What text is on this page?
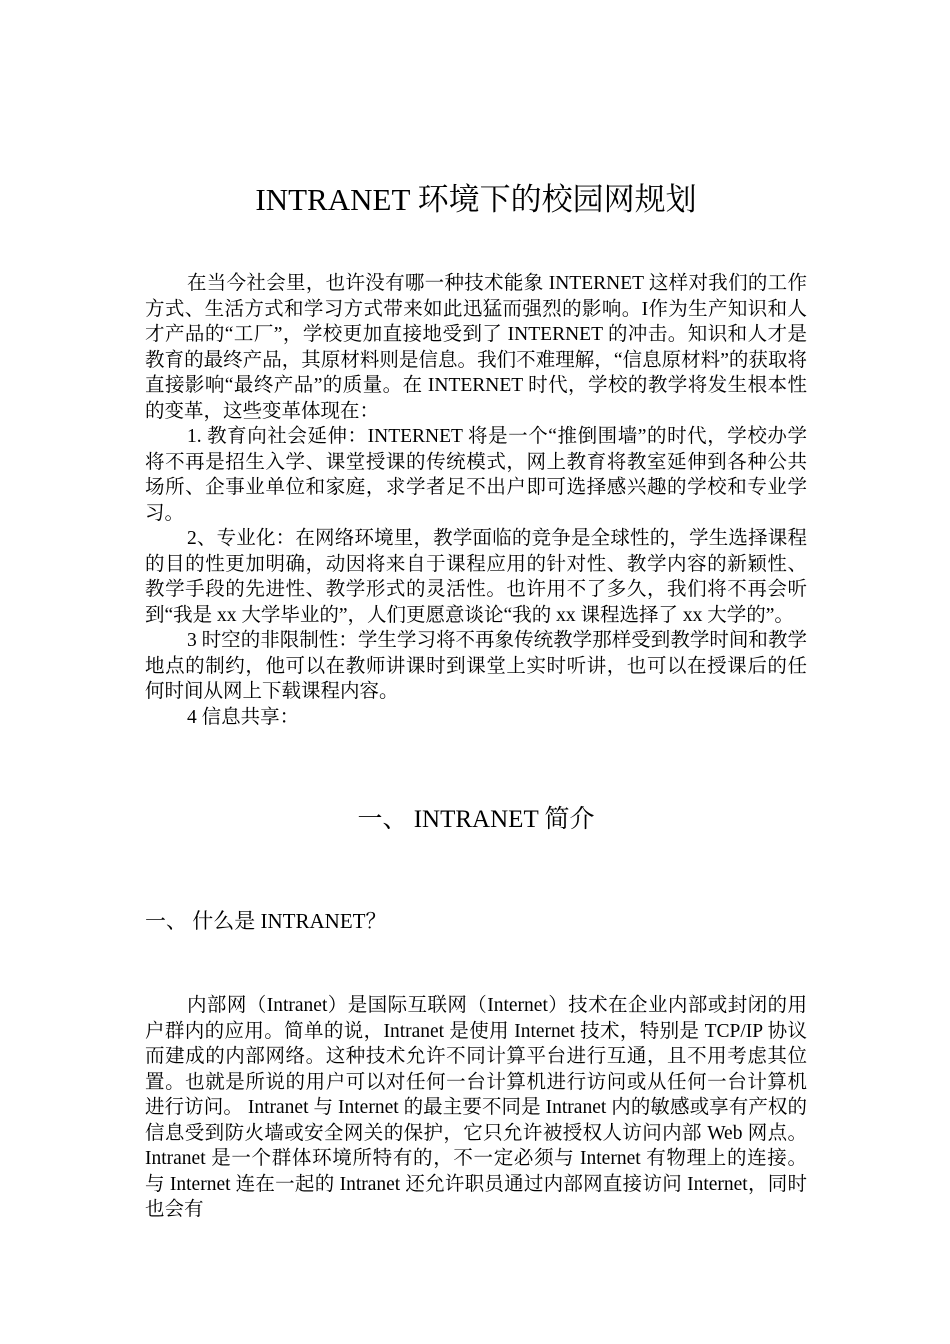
INTRANET 环境下的校园网规划

在当今社会里，也许没有哪一种技术能象 INTERNET 这样对我们的工作方式、生活方式和学习方式带来如此迅猛而强烈的影响。I作为生产知识和人才产品的“工厂”，学校更加直接地受到了 INTERNET 的冲击。知识和人才是教育的最终产品，其原材料则是信息。我们不难理解，“信息原材料”的获取将直接影响“最终产品”的质量。在 INTERNET 时代，学校的教学将发生根本性的变革，这些变革体现在：

1. 教育向社会延伸：INTERNET 将是一个“推倒围墙”的时代，学校办学将不再是招生入学、课堂授课的传统模式，网上教育将教室延伸到各种公共场所、企事业单位和家庭，求学者足不出户即可选择感兴趣的学校和专业学习。

2、专业化：在网络环境里，教学面临的竞争是全球性的，学生选择课程的目的性更加明确，动因将来自于课程应用的针对性、教学内容的新颖性、教学手段的先进性、教学形式的灵活性。也许用不了多久，我们将不再会听到“我是 xx 大学毕业的”，人们更愿意谈论“我的 xx 课程选择了 xx 大学的”。

3 时空的非限制性：学生学习将不再象传统教学那样受到教学时间和教学地点的制约，他可以在教师讲课时到课堂上实时听讲，也可以在授课后的任何时间从网上下载课程内容。

4 信息共享：

一、 INTRANET 简介
一、 什么是 INTRANET？

内部网（Intranet）是国际互联网（Internet）技术在企业内部或封闭的用户群内的应用。简单的说，Intranet 是使用 Internet 技术，特别是 TCP/IP 协议而建成的内部网络。这种技术允许不同计算平台进行互通，且不用考虑其位置。也就是所说的用户可以对任何一台计算机进行访问或从任何一台计算机进行访问。 Intranet 与 Internet 的最主要不同是 Intranet 内的敏感或享有产权的信息受到防火墙或安全网关的保护，它只允许被授权人访问内部 Web 网点。Intranet 是一个群体环境所特有的，不一定必须与 Internet 有物理上的连接。与 Internet 连在一起的 Intranet 还允许职员通过内部网直接访问 Internet，同时也会有
